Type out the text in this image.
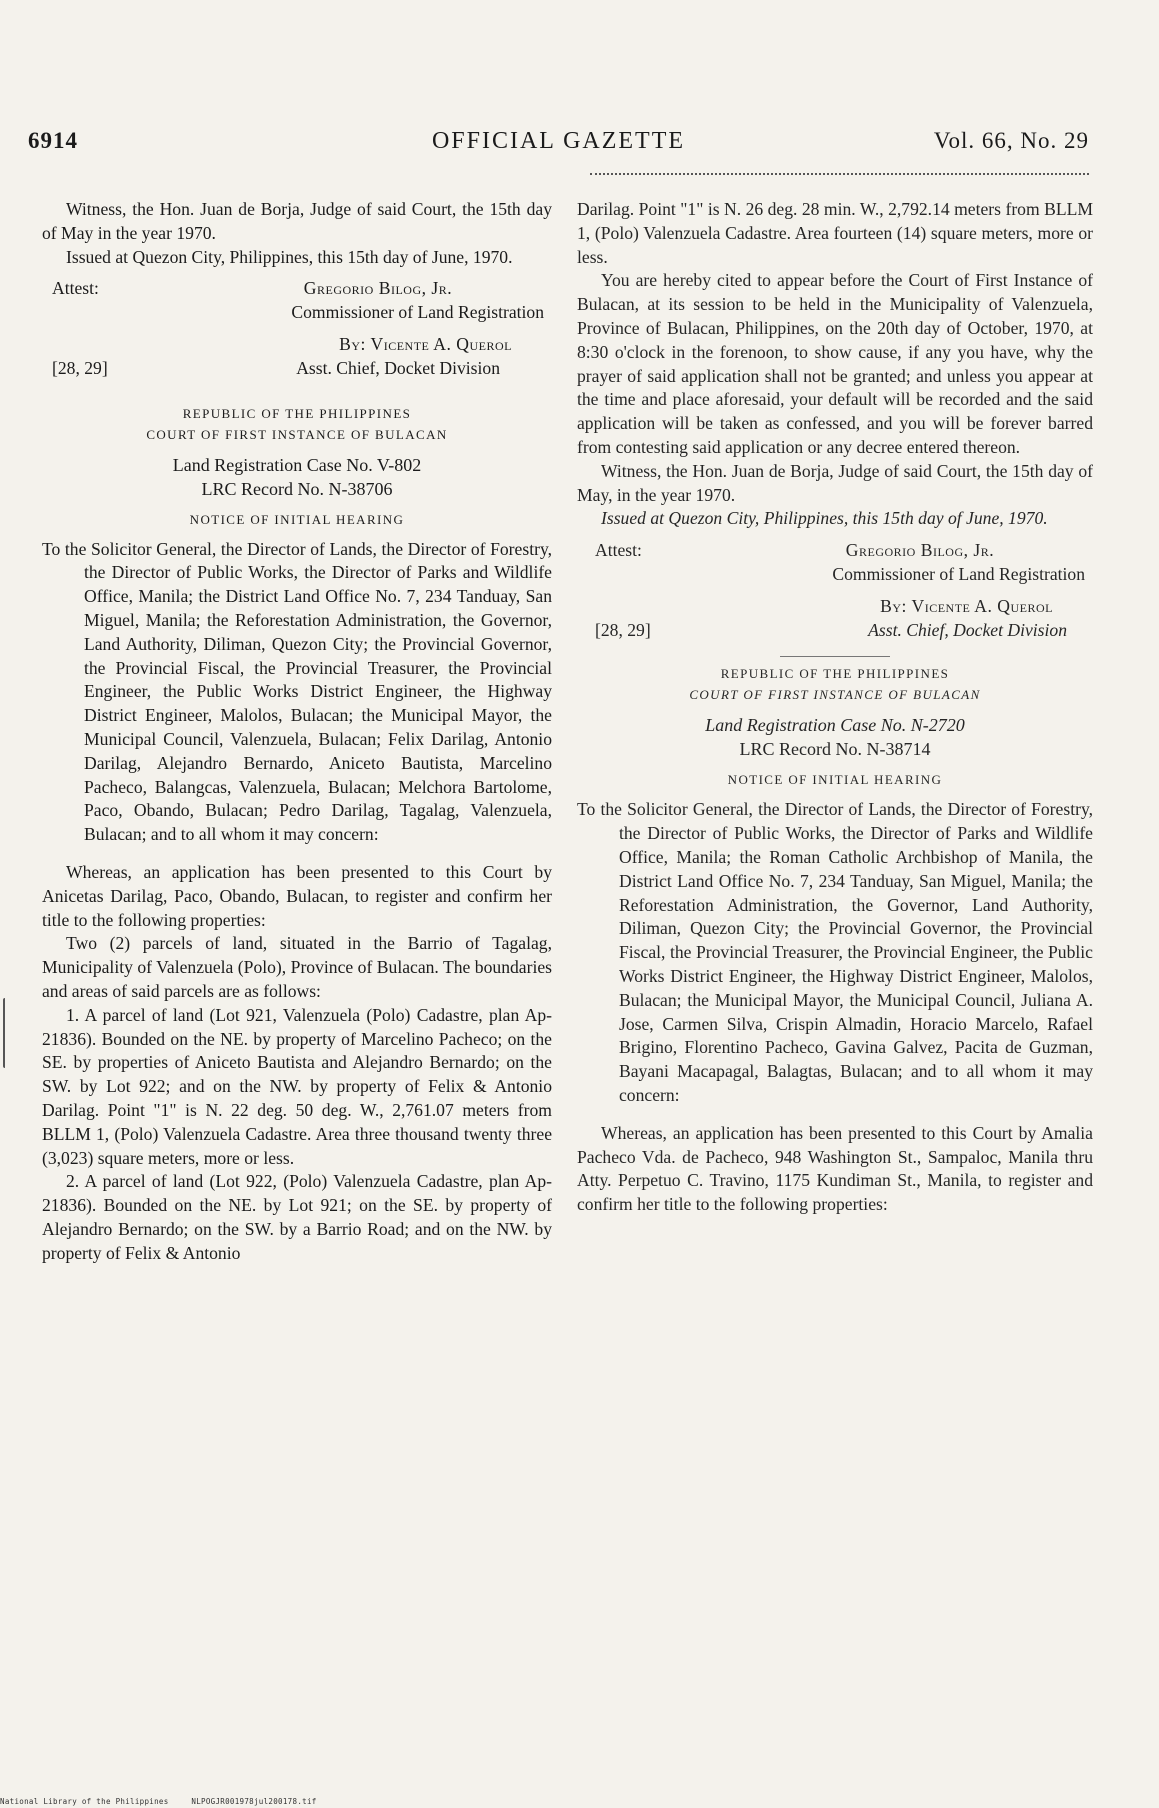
6914	OFFICIAL GAZETTE	Vol. 66, No. 29

Witness, the Hon. Juan de Borja, Judge of said Court, the 15th day of May in the year 1970.

Issued at Quezon City, Philippines, this 15th day of June, 1970.

Attest:	Gregorio Bilog, Jr.

Commissioner of Land Registration

By: Vicente A. Querol

[28, 29]	Asst. Chief, Docket Division

REPUBLIC OF THE PHILIPPINES

COURT OF FIRST INSTANCE OF BULACAN

Land Registration Case No. V-802

LRC Record No. N-38706

NOTICE OF INITIAL HEARING

To the Solicitor General, the Director of Lands, the Director of Forestry, the Director of Public Works, the Director of Parks and Wildlife Office, Manila; the District Land Office No. 7, 234 Tanduay, San Miguel, Manila; the Reforestation Administration, the Governor, Land Authority, Diliman, Quezon City; the Provincial Governor, the Provincial Fiscal, the Provincial Treasurer, the Provincial Engineer, the Public Works District Engineer, the Highway District Engineer, Malolos, Bulacan; the Municipal Mayor, the Municipal Council, Valenzuela, Bulacan; Felix Darilag, Antonio Darilag, Alejandro Bernardo, Aniceto Bautista, Marcelino Pacheco, Balangcas, Valenzuela, Bulacan; Melchora Bartolome, Paco, Obando, Bulacan; Pedro Darilag, Tagalag, Valenzuela, Bulacan; and to all whom it may concern:

Whereas, an application has been presented to this Court by Anicetas Darilag, Paco, Obando, Bulacan, to register and confirm her title to the following properties:

Two (2) parcels of land, situated in the Barrio of Tagalag, Municipality of Valenzuela (Polo), Province of Bulacan. The boundaries and areas of said parcels are as follows:

1. A parcel of land (Lot 921, Valenzuela (Polo) Cadastre, plan Ap-21836). Bounded on the NE. by property of Marcelino Pacheco; on the SE. by properties of Aniceto Bautista and Alejandro Bernardo; on the SW. by Lot 922; and on the NW. by property of Felix & Antonio Darilag. Point "1" is N. 22 deg. 50 deg. W., 2,761.07 meters from BLLM 1, (Polo) Valenzuela Cadastre. Area three thousand twenty three (3,023) square meters, more or less.

2. A parcel of land (Lot 922, (Polo) Valenzuela Cadastre, plan Ap-21836). Bounded on the NE. by Lot 921; on the SE. by property of Alejandro Bernardo; on the SW. by a Barrio Road; and on the NW. by property of Felix & Antonio

Darilag. Point "1" is N. 26 deg. 28 min. W., 2,792.14 meters from BLLM 1, (Polo) Valenzuela Cadastre. Area fourteen (14) square meters, more or less.

You are hereby cited to appear before the Court of First Instance of Bulacan, at its session to be held in the Municipality of Valenzuela, Province of Bulacan, Philippines, on the 20th day of October, 1970, at 8:30 o'clock in the forenoon, to show cause, if any you have, why the prayer of said application shall not be granted; and unless you appear at the time and place aforesaid, your default will be recorded and the said application will be taken as confessed, and you will be forever barred from contesting said application or any decree entered thereon.

Witness, the Hon. Juan de Borja, Judge of said Court, the 15th day of May, in the year 1970.

Issued at Quezon City, Philippines, this 15th day of June, 1970.

Attest:	Gregorio Bilog, Jr.

Commissioner of Land Registration

By: Vicente A. Querol

[28, 29]	Asst. Chief, Docket Division

REPUBLIC OF THE PHILIPPINES

COURT OF FIRST INSTANCE OF BULACAN

Land Registration Case No. N-2720

LRC Record No. N-38714

NOTICE OF INITIAL HEARING

To the Solicitor General, the Director of Lands, the Director of Forestry, the Director of Public Works, the Director of Parks and Wildlife Office, Manila; the Roman Catholic Archbishop of Manila, the District Land Office No. 7, 234 Tanduay, San Miguel, Manila; the Reforestation Administration, the Governor, Land Authority, Diliman, Quezon City; the Provincial Governor, the Provincial Fiscal, the Provincial Treasurer, the Provincial Engineer, the Public Works District Engineer, the Highway District Engineer, Malolos, Bulacan; the Municipal Mayor, the Municipal Council, Juliana A. Jose, Carmen Silva, Crispin Almadin, Horacio Marcelo, Rafael Brigino, Florentino Pacheco, Gavina Galvez, Pacita de Guzman, Bayani Macapagal, Balagtas, Bulacan; and to all whom it may concern:

Whereas, an application has been presented to this Court by Amalia Pacheco Vda. de Pacheco, 948 Washington St., Sampaloc, Manila thru Atty. Perpetuo C. Travino, 1175 Kundiman St., Manila, to register and confirm her title to the following properties:

National Library of the Philippines	NLPOGJR001978jul200178.tif
